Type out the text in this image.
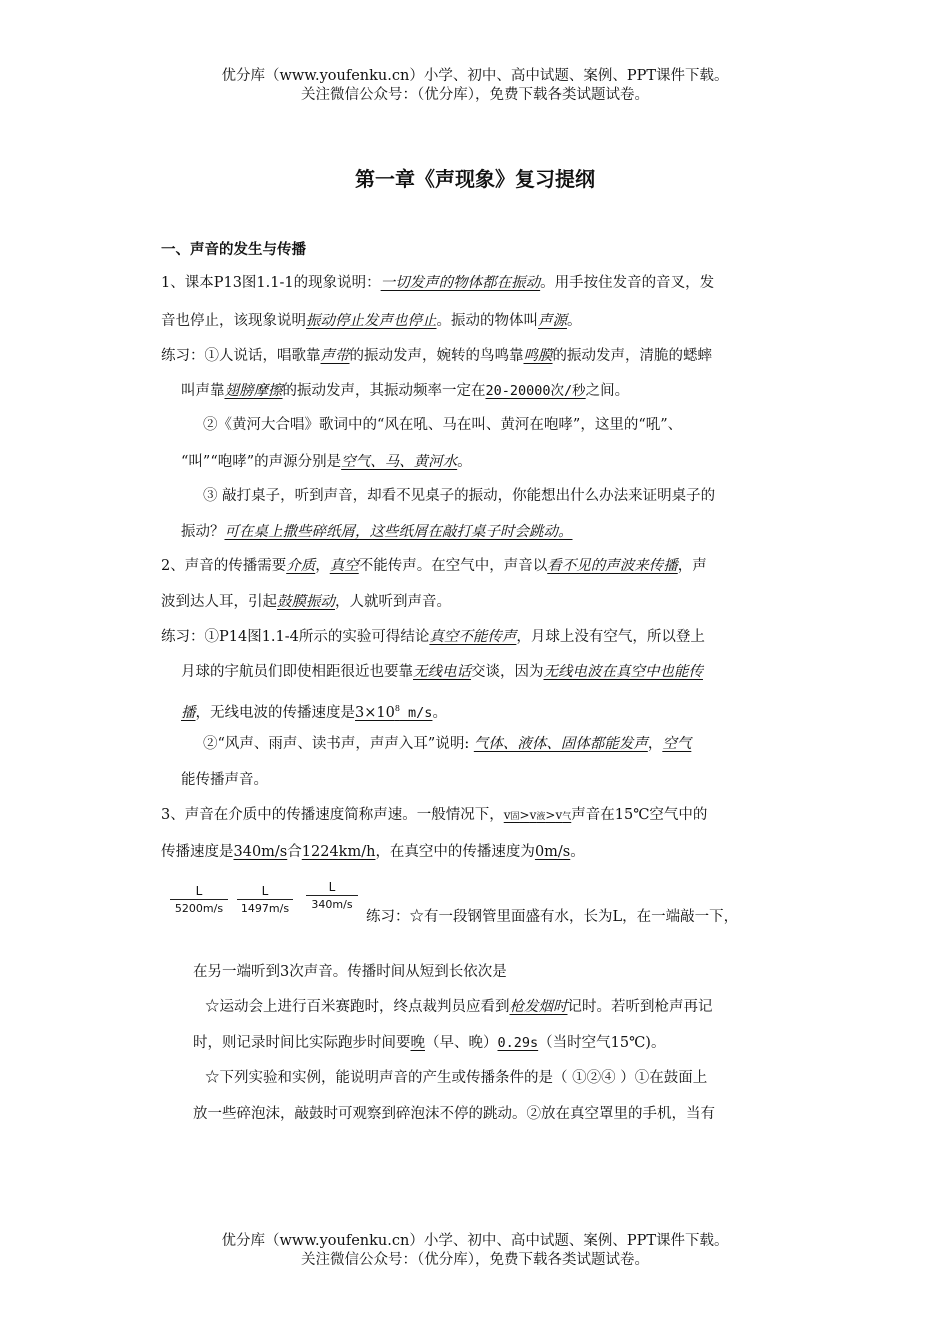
优分库（www.youfenku.cn）小学、初中、高中试题、案例、PPT课件下载。
关注微信公众号：（优分库），免费下载各类试题试卷。
第一章《声现象》复习提纲
一、声音的发生与传播
1、课本P13图1.1-1的现象说明：一切发声的物体都在振动。用手按住发音的音叉，发
音也停止，该现象说明振动停止发声也停止。振动的物体叫声源。
练习：①人说话，唱歌靠声带的振动发声，婉转的鸟鸣靠鸣膜的振动发声，清脆的蟋蟀
叫声靠翅膀摩擦的振动发声，其振动频率一定在20-20000次/秒之间。
②《黄河大合唱》歌词中的“风在吼、马在叫、黄河在咆哮”，这里的“吼”、
“叫”“咆哮”的声源分别是空气、马、黄河水。
③ 敲打桌子，听到声音，却看不见桌子的振动，你能想出什么办法来证明桌子的
振动？可在桌上撒些碎纸屑，这些纸屑在敲打桌子时会跳动。
2、声音的传播需要介质，真空不能传声。在空气中，声音以看不见的声波来传播，声
波到达人耳，引起鼓膜振动，人就听到声音。
练习：①P14图1.1-4所示的实验可得结论真空不能传声，月球上没有空气，所以登上
月球的宇航员们即使相距很近也要靠无线电话交谈，因为无线电波在真空中也能传
播，无线电波的传播速度是$3\times 10^8$ m/s。
②“风声、雨声、读书声，声声入耳”说明: 气体、液体、固体都能发声，空气
能传播声音。
3、声音在介质中的传播速度简称声速。一般情况下，v固>v液>v气声音在15℃空气中的
传播速度是340m/s合1224km/h，在真空中的传播速度为0m/s。
$\frac{L}{5200m/s} \frac{L}{1497m/s} \frac{L}{340m/s}$
练习：☆有一段钢管里面盛有水，长为L，在一端敲一下，
在另一端听到3次声音。传播时间从短到长依次是
☆运动会上进行百米赛跑时，终点裁判员应看到枪发烟时记时。若听到枪声再记
时，则记录时间比实际跑步时间要晚（早、晚）0.29s（当时空气15℃)。
☆下列实验和实例，能说明声音的产生或传播条件的是（ ①②④ ）①在鼓面上
放一些碎泡沫，敲鼓时可观察到碎泡沫不停的跳动。②放在真空罩里的手机，当有
优分库（www.youfenku.cn）小学、初中、高中试题、案例、PPT课件下载。
关注微信公众号：（优分库），免费下载各类试题试卷。
